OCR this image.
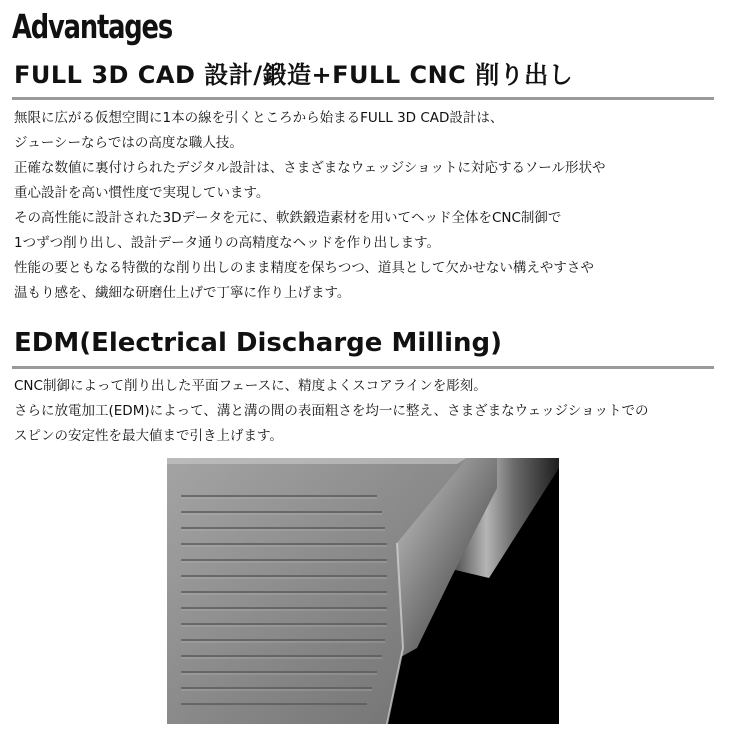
Advantages
FULL 3D CAD 設計/鍛造+FULL CNC 削り出し
無限に広がる仮想空間に1本の線を引くところから始まるFULL 3D CAD設計は、
ジューシーならではの高度な職人技。
正確な数値に裏付けられたデジタル設計は、さまざまなウェッジショットに対応するソール形状や
重心設計を高い慣性度で実現しています。
その高性能に設計された3Dデータを元に、軟鉄鍛造素材を用いてヘッド全体をCNC制御で
1つずつ削り出し、設計データ通りの高精度なヘッドを作り出します。
性能の要ともなる特徴的な削り出しのまま精度を保ちつつ、道具として欠かせない構えやすさや
温もり感を、繊細な研磨仕上げで丁寧に作り上げます。
EDM(Electrical Discharge Milling)
CNC制御によって削り出した平面フェースに、精度よくスコアラインを彫刻。
さらに放電加工(EDM)によって、溝と溝の間の表面粗さを均一に整え、さまざまなウェッジショットでの
スピンの安定性を最大値まで引き上げます。
